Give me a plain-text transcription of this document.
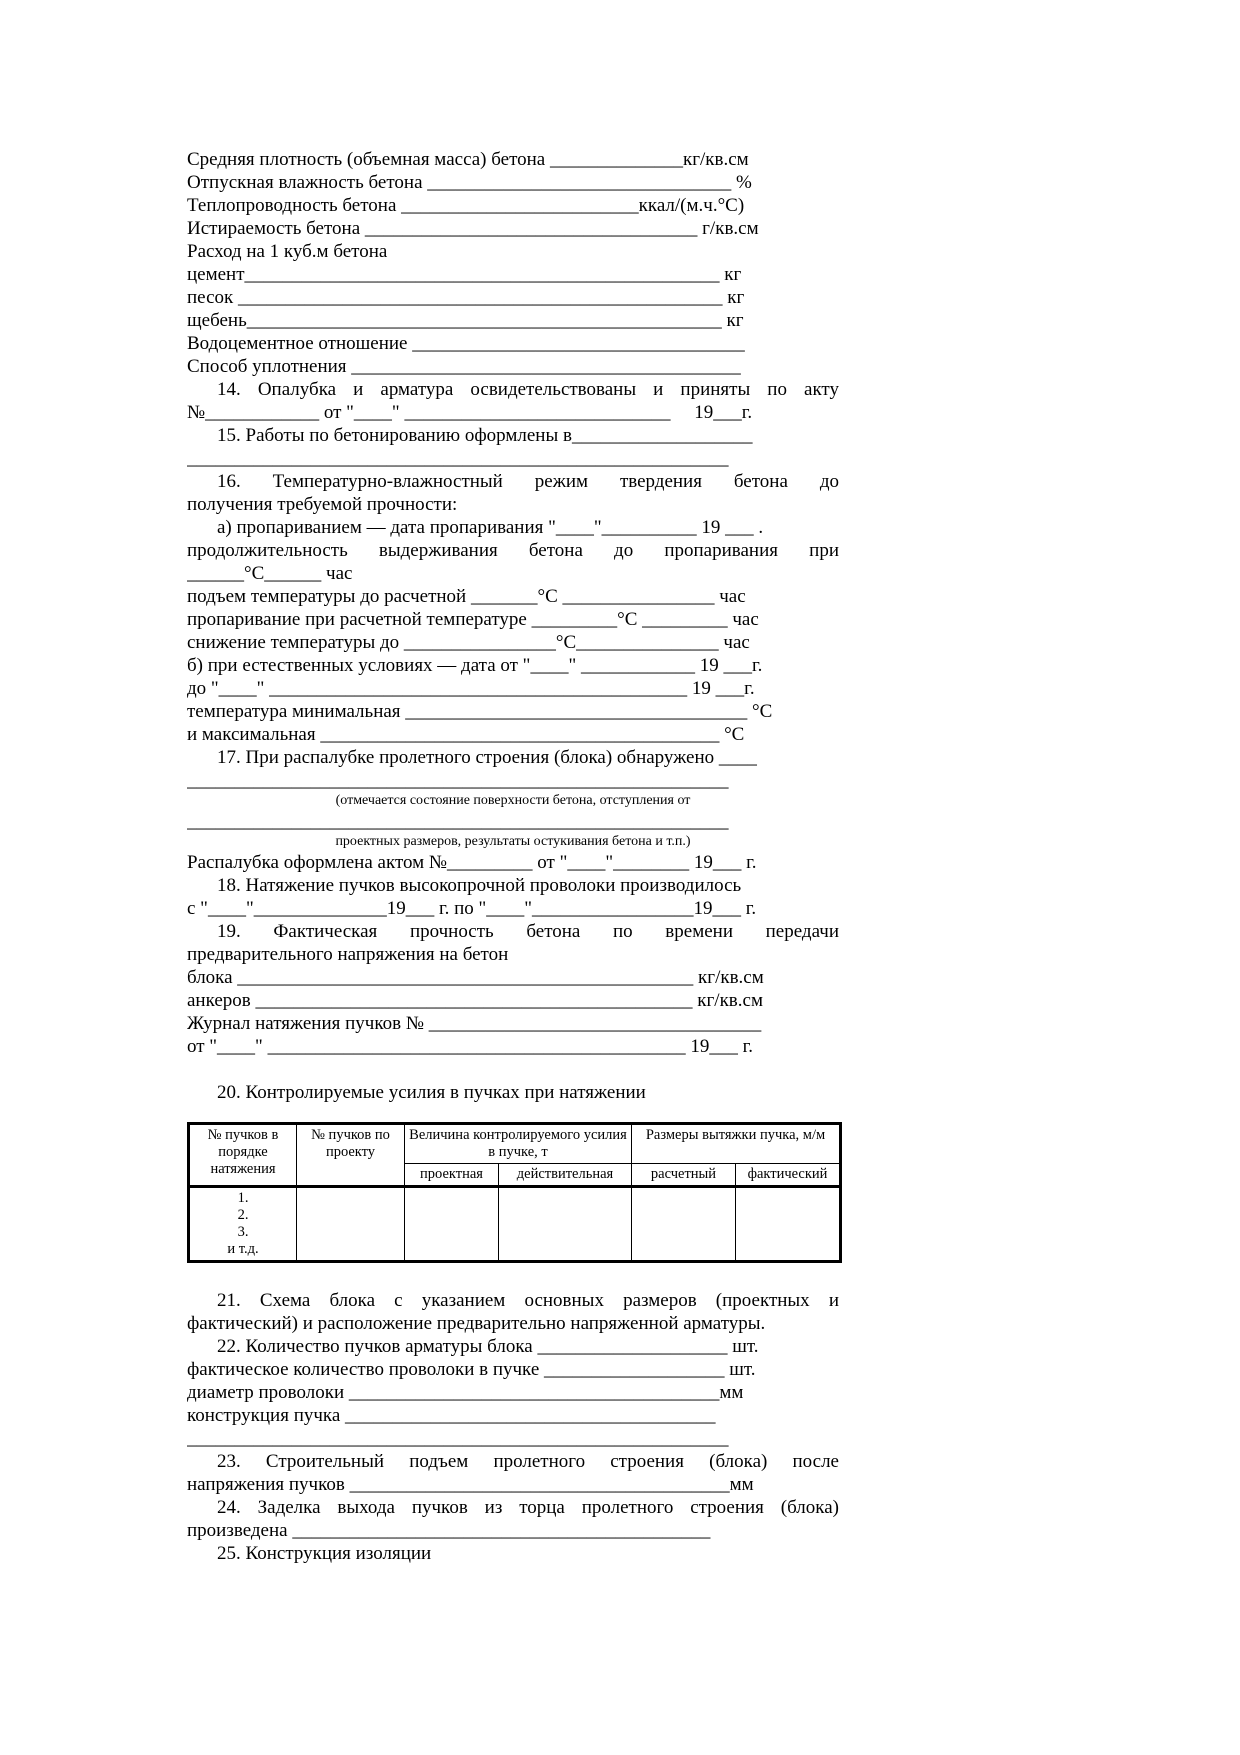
Средняя плотность (объемная масса) бетона ______________кг/кв.см
Отпускная влажность бетона ________________________________ %
Теплопроводность бетона _________________________ккал/(м.ч.°С)
Истираемость бетона ___________________________________ г/кв.см
Расход на 1 куб.м бетона
цемент__________________________________________________ кг
песок ___________________________________________________ кг
щебень__________________________________________________ кг
Водоцементное отношение ___________________________________
Способ уплотнения _________________________________________
14. Опалубка и арматура освидетельствованы и приняты по акту
№____________ от "____" ____________________________     19___г.
15. Работы по бетонированию оформлены в___________________
_________________________________________________________
16. Температурно-влажностный режим твердения бетона до
получения требуемой прочности:
а) пропариванием — дата пропаривания "____"__________ 19 ___ .
продолжительность выдерживания бетона до пропаривания при
______°С______ час
подъем температуры до расчетной _______°С ________________ час
пропаривание при расчетной температуре _________°С _________ час
снижение температуры до ________________°С_______________ час
б) при естественных условиях — дата от "____" ____________ 19 ___г.
до "____" ____________________________________________ 19 ___г.
температура минимальная ____________________________________ °С
и максимальная __________________________________________ °С
17. При распалубке пролетного строения (блока) обнаружено ____
_________________________________________________________
(отмечается состояние поверхности бетона, отступления от
_________________________________________________________
проектных размеров, результаты остукивания бетона и т.п.)
Распалубка оформлена актом №_________ от "____"________ 19___ г.
18. Натяжение пучков высокопрочной проволоки производилось
с "____"______________19___ г. по "____"_________________19___ г.
19. Фактическая прочность бетона по времени передачи
предварительного напряжения на бетон
блока ________________________________________________ кг/кв.см
анкеров ______________________________________________ кг/кв.см
Журнал натяжения пучков № ___________________________________
от "____" ____________________________________________ 19___ г.
20. Контролируемые усилия в пучках при натяжении
№ пучков в порядке натяжения	№ пучков по проекту	Величина контролируемого усилия в пучке, т		Размеры вытяжки пучка, м/м	
		проектная	действительная	расчетный	фактический

1.
2.
3.
и т.д.					

21. Схема блока с указанием основных размеров (проектных и
фактический) и расположение предварительно напряженной арматуры.
22. Количество пучков арматуры блока ____________________ шт.
фактическое количество проволоки в пучке ___________________ шт.
диаметр проволоки _______________________________________мм
конструкция пучка _______________________________________
_________________________________________________________
23. Строительный подъем пролетного строения (блока) после
напряжения пучков ________________________________________мм
24. Заделка выхода пучков из торца пролетного строения (блока)
произведена ____________________________________________
25. Конструкция изоляции
